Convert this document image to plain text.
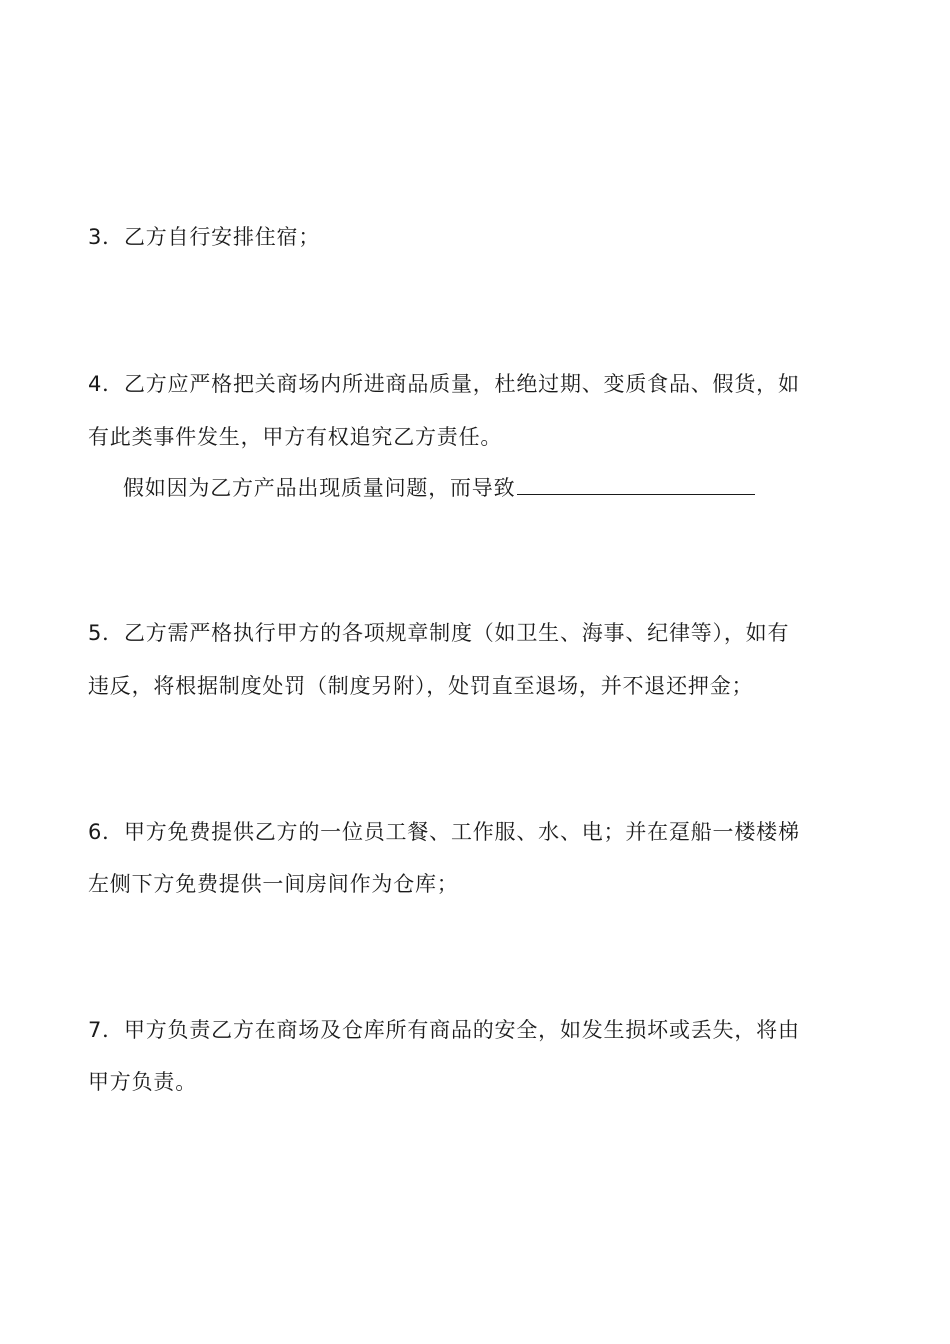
3．乙方自行安排住宿；
4．乙方应严格把关商场内所进商品质量，杜绝过期、变质食品、假货，如
有此类事件发生，甲方有权追究乙方责任。
假如因为乙方产品出现质量问题，而导致
5．乙方需严格执行甲方的各项规章制度（如卫生、海事、纪律等），如有
违反，将根据制度处罚（制度另附），处罚直至退场，并不退还押金；
6．甲方免费提供乙方的一位员工餐、工作服、水、电；并在趸船一楼楼梯
左侧下方免费提供一间房间作为仓库；
7．甲方负责乙方在商场及仓库所有商品的安全，如发生损坏或丢失，将由
甲方负责。
